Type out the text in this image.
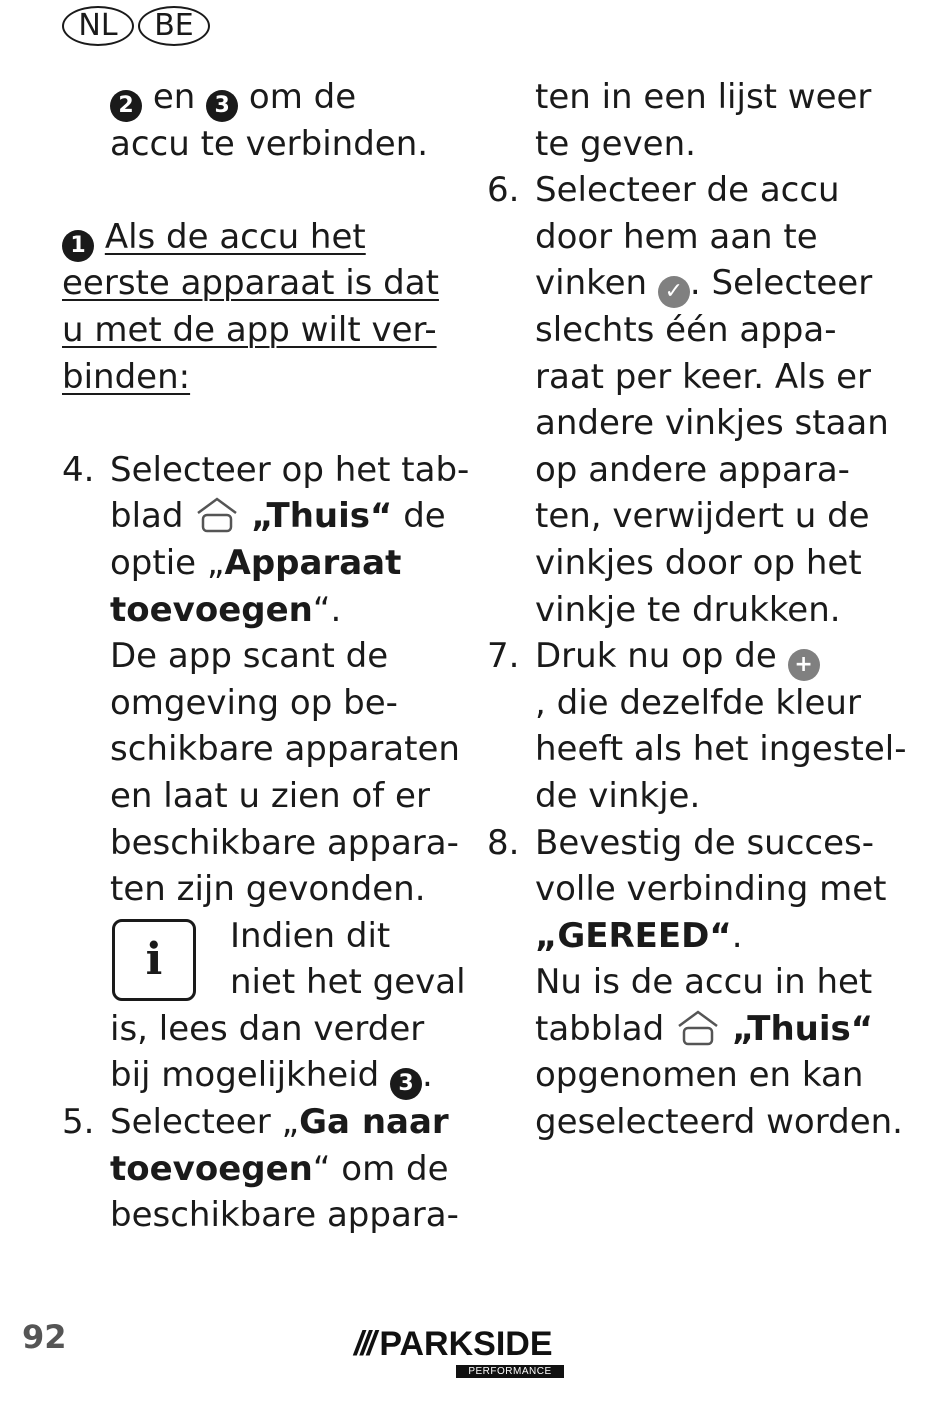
NL	BE
2 en 3 om de
accu te verbinden.
1 Als de accu het
eerste apparaat is dat
u met de app wilt ver-
binden:
4. Selecteer op het tab-
blad „Thuis“ de
optie „Apparaat
toevoegen“.
De app scant de
omgeving op be-
schikbare apparaten
en laat u zien of er
beschikbare appara-
ten zijn gevonden.
i	Indien dit
niet het geval
is, lees dan verder
bij mogelijkheid 3 .
5. Selecteer „Ga naar
toevoegen“ om de
beschikbare appara-
ten in een lijst weer
te geven.
6. Selecteer de accu
door hem aan te
vinken ✓ . Selecteer
slechts één appa-
raat per keer. Als er
andere vinkjes staan
op andere appara-
ten, verwijdert u de
vinkjes door op het
vinkje te drukken.
7. Druk nu op de +
, die dezelfde kleur
heeft als het ingestel-
de vinkje.
8. Bevestig de succes-
volle verbinding met
„GEREED“.
Nu is de accu in het
tabblad „Thuis“
opgenomen en kan
geselecteerd worden.
92	/// PARKSIDE
PERFORMANCE
